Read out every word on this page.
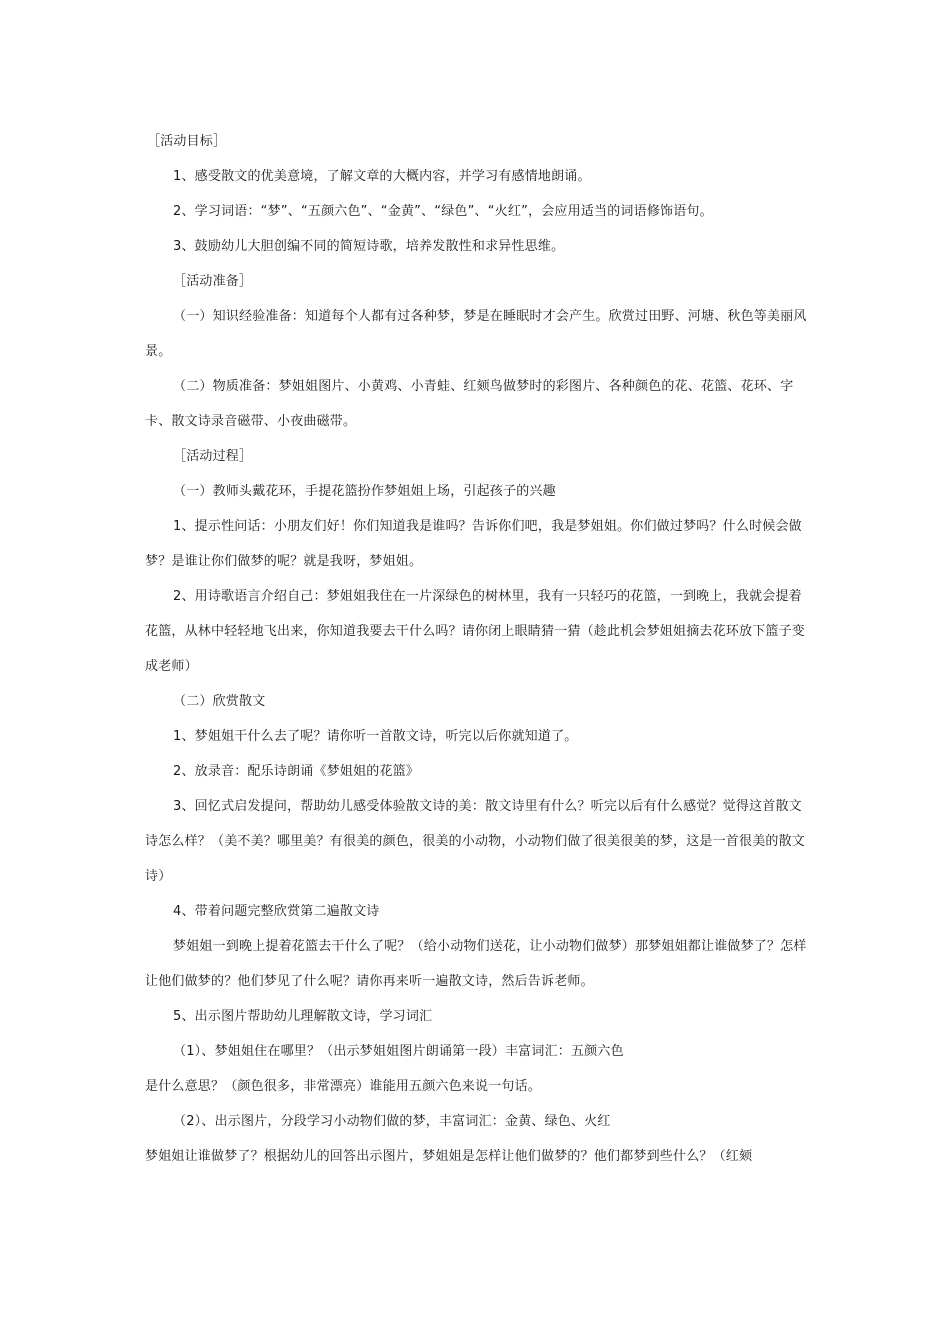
［活动目标］

1、感受散文的优美意境，了解文章的大概内容，并学习有感情地朗诵。

2、学习词语：“梦”、“五颜六色”、“金黄”、“绿色”、“火红”，会应用适当的词语修饰语句。

3、鼓励幼儿大胆创编不同的简短诗歌，培养发散性和求异性思维。

［活动准备］

（一）知识经验准备：知道每个人都有过各种梦，梦是在睡眠时才会产生。欣赏过田野、河塘、秋色等美丽风景。

（二）物质准备：梦姐姐图片、小黄鸡、小青蛙、红颏鸟做梦时的彩图片、各种颜色的花、花篮、花环、字卡、散文诗录音磁带、小夜曲磁带。

［活动过程］

（一）教师头戴花环，手提花篮扮作梦姐姐上场，引起孩子的兴趣

1、提示性问话：小朋友们好！你们知道我是谁吗？告诉你们吧，我是梦姐姐。你们做过梦吗？什么时候会做梦？是谁让你们做梦的呢？就是我呀，梦姐姐。

2、用诗歌语言介绍自己：梦姐姐我住在一片深绿色的树林里，我有一只轻巧的花篮，一到晚上，我就会提着花篮，从林中轻轻地飞出来，你知道我要去干什么吗？请你闭上眼睛猜一猜（趁此机会梦姐姐摘去花环放下篮子变成老师）

（二）欣赏散文

1、梦姐姐干什么去了呢？请你听一首散文诗，听完以后你就知道了。

2、放录音：配乐诗朗诵《梦姐姐的花篮》

3、回忆式启发提问，帮助幼儿感受体验散文诗的美：散文诗里有什么？听完以后有什么感觉？觉得这首散文诗怎么样？（美不美？哪里美？有很美的颜色，很美的小动物，小动物们做了很美很美的梦，这是一首很美的散文诗）

4、带着问题完整欣赏第二遍散文诗

梦姐姐一到晚上提着花篮去干什么了呢？（给小动物们送花，让小动物们做梦）那梦姐姐都让谁做梦了？怎样让他们做梦的？他们梦见了什么呢？请你再来听一遍散文诗，然后告诉老师。

5、出示图片帮助幼儿理解散文诗，学习词汇

（1）、梦姐姐住在哪里？（出示梦姐姐图片朗诵第一段）丰富词汇：五颜六色

是什么意思？（颜色很多，非常漂亮）谁能用五颜六色来说一句话。

（2）、出示图片，分段学习小动物们做的梦，丰富词汇：金黄、绿色、火红

梦姐姐让谁做梦了？根据幼儿的回答出示图片，梦姐姐是怎样让他们做梦的？他们都梦到些什么？（红颏
